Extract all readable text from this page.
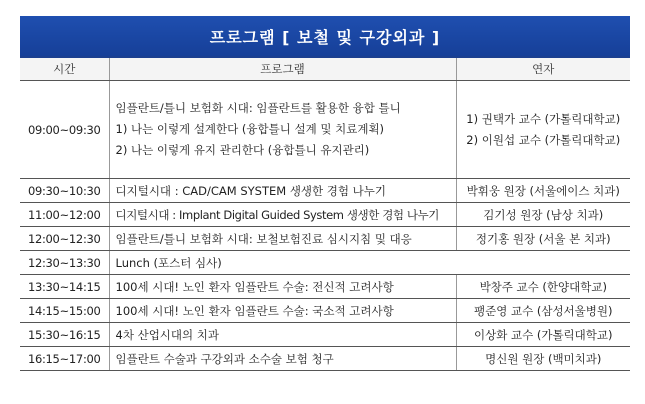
프로그램 [ 보철 및 구강외과 ]
시간	프로그램	연자
09:00~09:30	임플란트/틀니 보험화 시대: 임플란트를 활용한 융합 틀니
1) 나는 이렇게 설계한다 (융합틀니 설계 및 치료계획)
2) 나는 이렇게 유지 관리한다 (융합틀니 유지관리)	1) 권택가 교수 (가톨릭대학교)
2) 이원섭 교수 (가톨릭대학교)

09:30~10:30	디지털시대 : CAD/CAM SYSTEM 생생한 경험 나누기	박휘웅 원장 (서울에이스 치과)
11:00~12:00	디지털시대 : Implant Digital Guided System 생생한 경험 나누기	김기성 원장 (남상 치과)
12:00~12:30	임플란트/틀니 보험화 시대: 보철보험진료 심시지침 및 대응	정기홍 원장 (서울 본 치과)
12:30~13:30	Lunch (포스터 심사)	
13:30~14:15	100세 시대! 노인 환자 임플란트 수술: 전신적 고려사항	박창주 교수 (한양대학교)
14:15~15:00	100세 시대! 노인 환자 임플란트 수술: 국소적 고려사항	팽준영 교수 (삼성서울병원)
15:30~16:15	4차 산업시대의 치과	이상화 교수 (가톨릭대학교)
16:15~17:00	임플란트 수술과 구강외과 소수술 보험 청구	명신원 원장 (백미치과)
